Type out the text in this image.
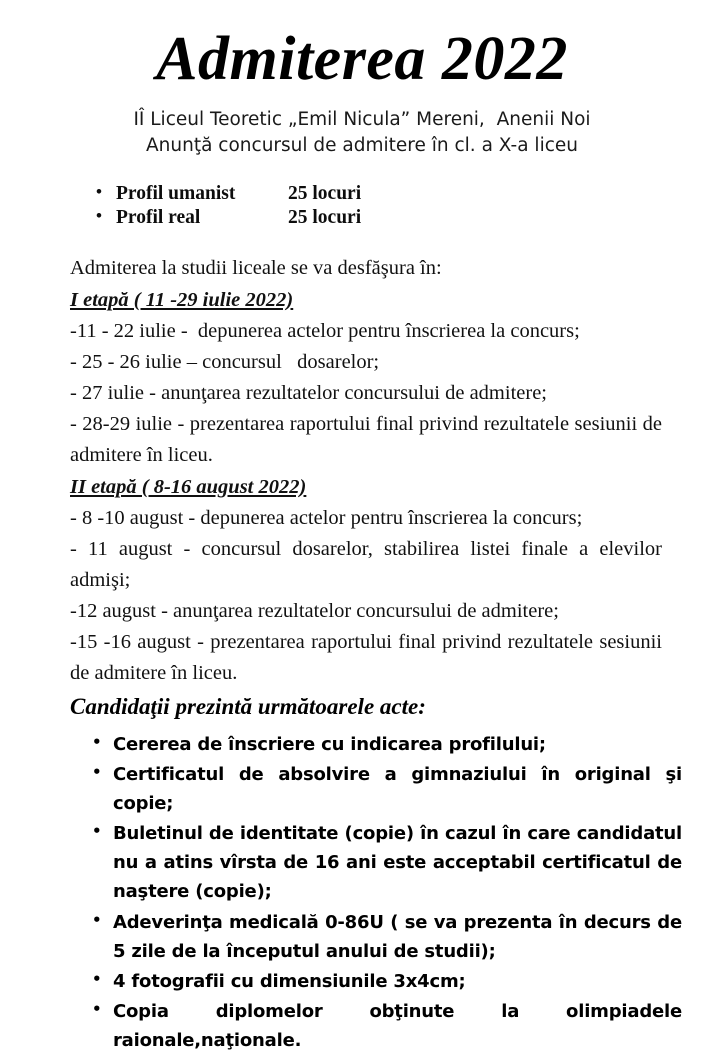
Admiterea 2022
IÎ Liceul Teoretic „Emil Nicula” Mereni,  Anenii Noi
Anunţă concursul de admitere în cl. a X-a liceu
• Profil umanist	25 locuri
• Profil real	25 locuri

Admiterea la studii liceale se va desfăşura în:

I etapă ( 11 -29 iulie 2022)

-11 - 22 iulie -  depunerea actelor pentru înscrierea la concurs;

- 25 - 26 iulie – concursul   dosarelor;

- 27 iulie - anunţarea rezultatelor concursului de admitere;

- 28-29 iulie - prezentarea raportului final privind rezultatele sesiunii de admitere în liceu.

II etapă ( 8-16 august 2022)

- 8 -10 august - depunerea actelor pentru înscrierea la concurs;

- 11 august - concursul dosarelor, stabilirea listei finale a elevilor admişi;

-12 august - anunţarea rezultatelor concursului de admitere;

-15 -16 august - prezentarea raportului final privind rezultatele sesiunii de admitere în liceu.

Candidaţii prezintă următoarele acte:

• Cererea de înscriere cu indicarea profilului;
• Certificatul de absolvire a gimnaziului în original şi copie;
• Buletinul de identitate (copie) în cazul în care candidatul nu a atins vîrsta de 16 ani este acceptabil certificatul de naştere (copie);
• Adeverinţa medicală 0-86U ( se va prezenta în decurs de 5 zile de la începutul anului de studii);
• 4 fotografii cu dimensiunile 3x4cm;
• Copia diplomelor obţinute la olimpiadele raionale,naţionale.
